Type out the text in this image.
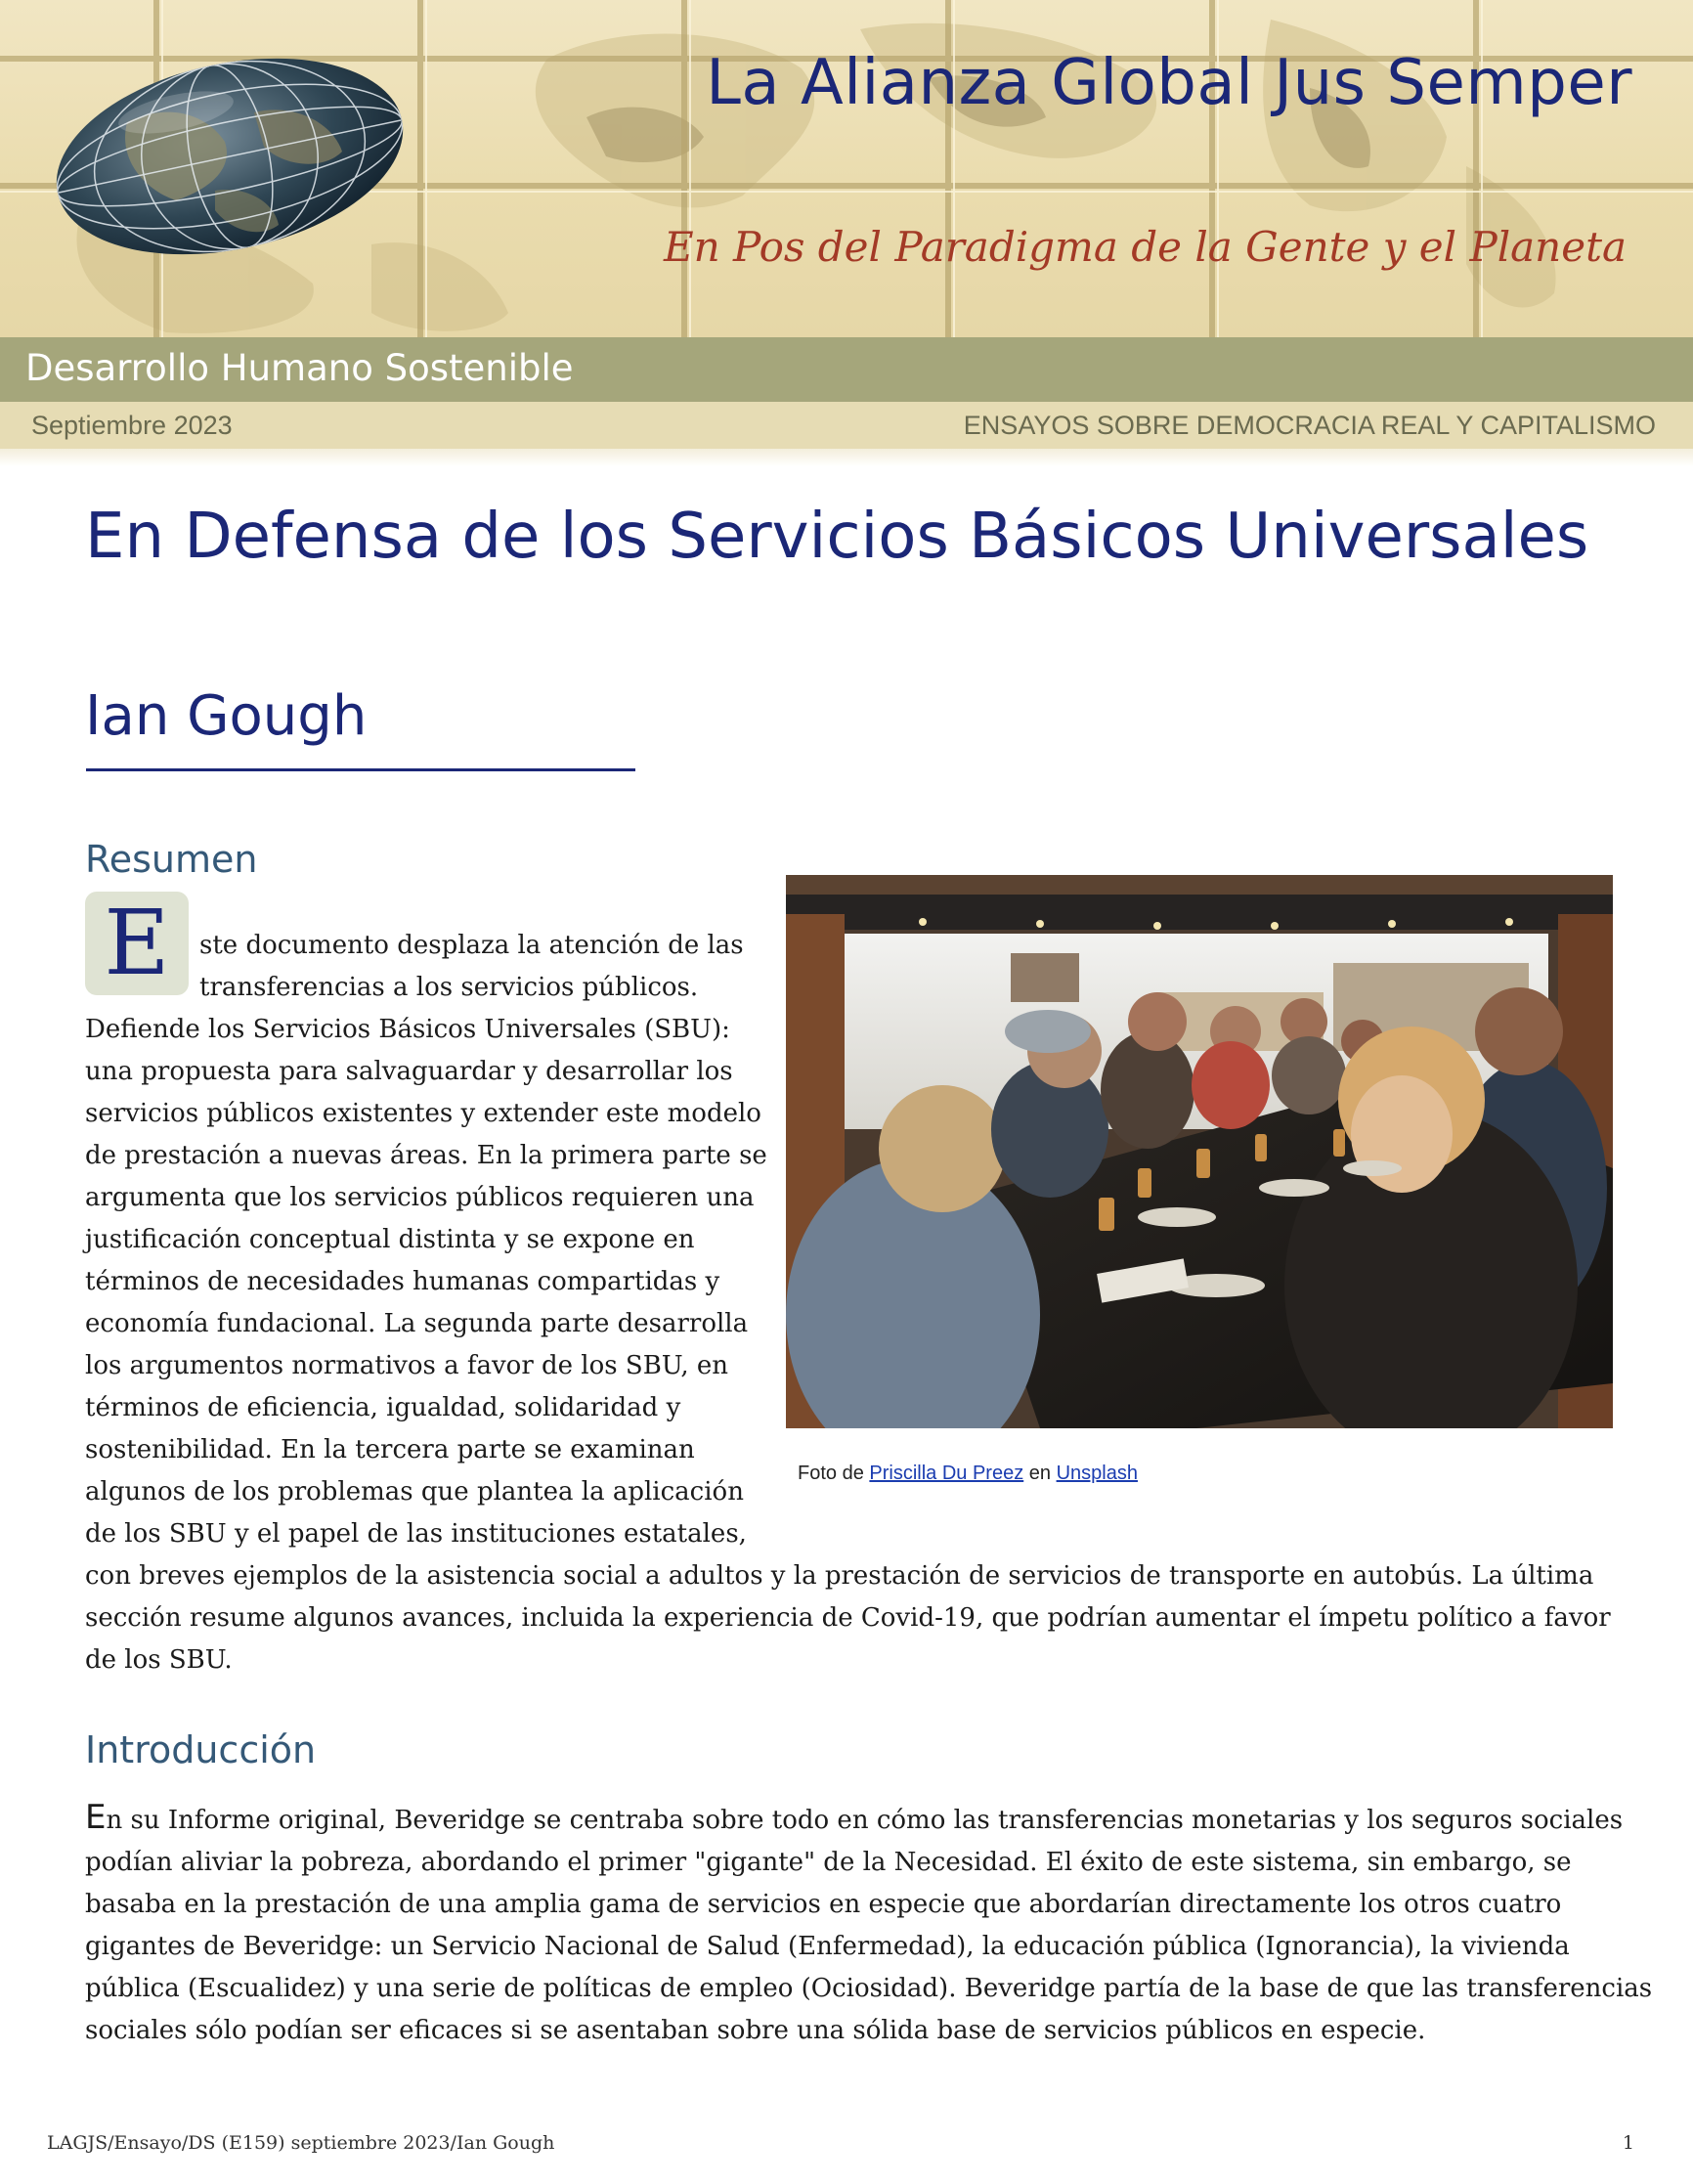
La Alianza Global Jus Semper

En Pos del Paradigma de la Gente y el Planeta

Desarrollo Humano Sostenible
Septiembre 2023	ENSAYOS SOBRE DEMOCRACIA REAL Y CAPITALISMO
En Defensa de los Servicios Básicos Universales
Ian Gough
Resumen
E	ste documento desplaza la atención de las
transferencias a los servicios públicos.
Defiende los Servicios Básicos Universales (SBU):
una propuesta para salvaguardar y desarrollar los
servicios públicos existentes y extender este modelo
de prestación a nuevas áreas. En la primera parte se
argumenta que los servicios públicos requieren una
justificación conceptual distinta y se expone en
términos de necesidades humanas compartidas y
economía fundacional. La segunda parte desarrolla
los argumentos normativos a favor de los SBU, en
términos de eficiencia, igualdad, solidaridad y
sostenibilidad. En la tercera parte se examinan
algunos de los problemas que plantea la aplicación
de los SBU y el papel de las instituciones estatales,
con breves ejemplos de la asistencia social a adultos y la prestación de servicios de transporte en autobús. La última
sección resume algunos avances, incluida la experiencia de Covid-19, que podrían aumentar el ímpetu político a favor
de los SBU.
Foto de Priscilla Du Preez en Unsplash
Introducción
En su Informe original, Beveridge se centraba sobre todo en cómo las transferencias monetarias y los seguros sociales
podían aliviar la pobreza, abordando el primer "gigante" de la Necesidad. El éxito de este sistema, sin embargo, se
basaba en la prestación de una amplia gama de servicios en especie que abordarían directamente los otros cuatro
gigantes de Beveridge: un Servicio Nacional de Salud (Enfermedad), la educación pública (Ignorancia), la vivienda
pública (Escualidez) y una serie de políticas de empleo (Ociosidad). Beveridge partía de la base de que las transferencias
sociales sólo podían ser eficaces si se asentaban sobre una sólida base de servicios públicos en especie.
LAGJS/Ensayo/DS (E159) septiembre 2023/Ian Gough	1
